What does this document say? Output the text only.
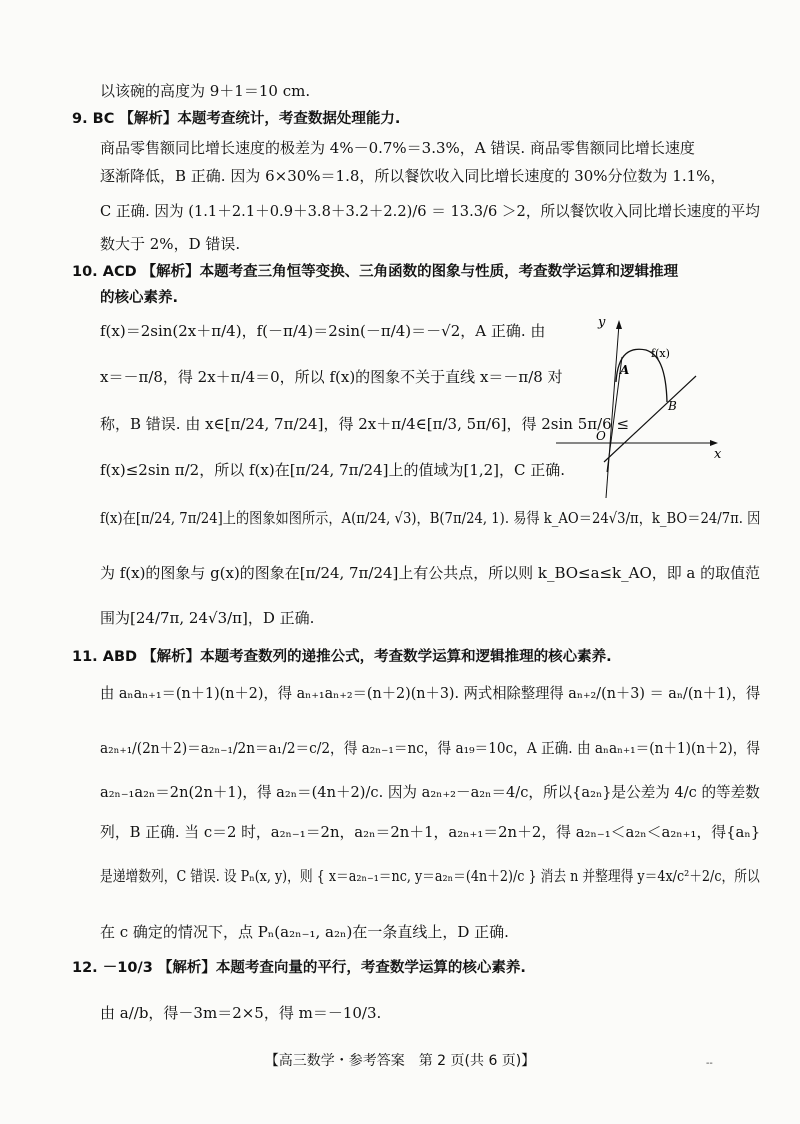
以该碗的高度为 9＋1＝10 cm.
9. BC 【解析】本题考查统计，考查数据处理能力.
商品零售额同比增长速度的极差为 4%－0.7%＝3.3%，A 错误. 商品零售额同比增长速度
逐渐降低，B 正确. 因为 6×30%＝1.8，所以餐饮收入同比增长速度的 30%分位数为 1.1%，
C 正确. 因为 (1.1＋2.1＋0.9＋3.8＋3.2＋2.2)/6 ＝ 13.3/6 ＞2，所以餐饮收入同比增长速度的平均
数大于 2%，D 错误.
10. ACD 【解析】本题考查三角恒等变换、三角函数的图象与性质，考查数学运算和逻辑推理
的核心素养.
f(x)＝2sin(2x＋π/4)，f(－π/4)＝2sin(－π/4)＝－√2，A 正确. 由
x＝－π/8，得 2x＋π/4＝0，所以 f(x)的图象不关于直线 x＝－π/8 对
称，B 错误. 由 x∈[π/24, 7π/24]，得 2x＋π/4∈[π/3, 5π/6]，得 2sin 5π/6 ≤
f(x)≤2sin π/2，所以 f(x)在[π/24, 7π/24]上的值域为[1,2]，C 正确.
f(x)在[π/24, 7π/24]上的图象如图所示，A(π/24, √3)，B(7π/24, 1). 易得 k_AO＝24√3/π，k_BO＝24/7π. 因
为 f(x)的图象与 g(x)的图象在[π/24, 7π/24]上有公共点，所以则 k_BO≤a≤k_AO，即 a 的取值范
围为[24/7π, 24√3/π]，D 正确.
11. ABD 【解析】本题考查数列的递推公式，考查数学运算和逻辑推理的核心素养.
由 aₙaₙ₊₁＝(n＋1)(n＋2)，得 aₙ₊₁aₙ₊₂＝(n＋2)(n＋3). 两式相除整理得 aₙ₊₂/(n＋3) ＝ aₙ/(n＋1)，得
a₂ₙ₊₁/(2n＋2)＝a₂ₙ₋₁/2n＝a₁/2＝c/2，得 a₂ₙ₋₁＝nc，得 a₁₉＝10c，A 正确. 由 aₙaₙ₊₁＝(n＋1)(n＋2)，得
a₂ₙ₋₁a₂ₙ＝2n(2n＋1)，得 a₂ₙ＝(4n＋2)/c. 因为 a₂ₙ₊₂－a₂ₙ＝4/c，所以{a₂ₙ}是公差为 4/c 的等差数
列，B 正确. 当 c＝2 时，a₂ₙ₋₁＝2n，a₂ₙ＝2n＋1，a₂ₙ₊₁＝2n＋2，得 a₂ₙ₋₁＜a₂ₙ＜a₂ₙ₊₁，得{aₙ}
是递增数列，C 错误. 设 Pₙ(x, y)，则 { x＝a₂ₙ₋₁＝nc, y＝a₂ₙ＝(4n＋2)/c } 消去 n 并整理得 y＝4x/c²＋2/c，所以
在 c 确定的情况下，点 Pₙ(a₂ₙ₋₁, a₂ₙ)在一条直线上，D 正确.
12. －10/3 【解析】本题考查向量的平行，考查数学运算的核心素养.
由 a//b，得－3m＝2×5，得 m＝－10/3.
x
y
O
f(x)
A
B
【高三数学・参考答案　第 2 页(共 6 页)】	--
